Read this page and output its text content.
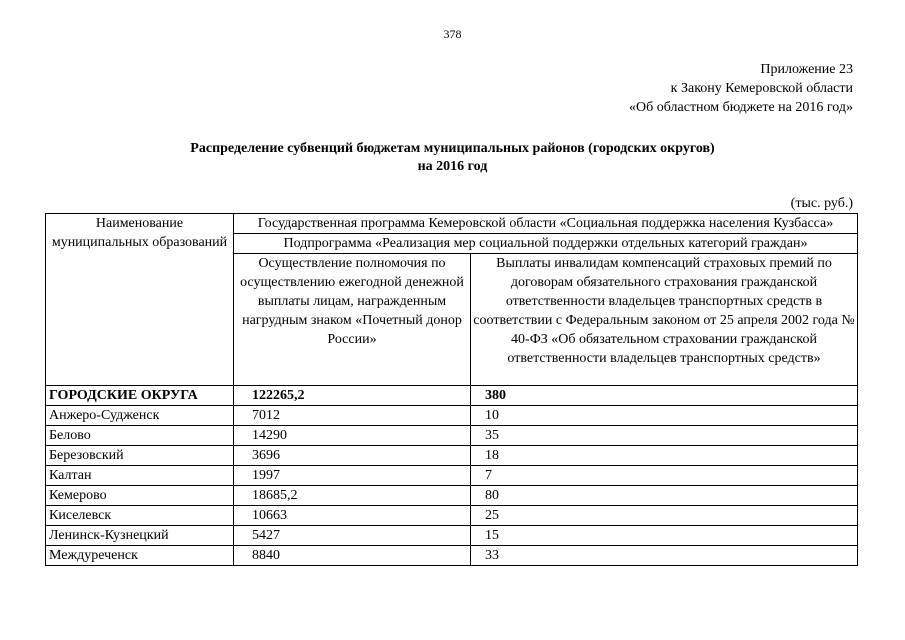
378
Приложение 23
к Закону Кемеровской области
«Об областном бюджете на 2016 год»
Распределение субвенций бюджетам муниципальных районов (городских округов)
на 2016 год
(тыс. руб.)
Наименование муниципальных образований	Государственная программа Кемеровской области «Социальная поддержка населения Кузбасса»	
	Подпрограмма «Реализация мер социальной поддержки отдельных категорий граждан»	
	Осуществление полномочия по осуществлению ежегодной денежной выплаты лицам, награжденным нагрудным знаком «Почетный донор России»	Выплаты инвалидам компенсаций страховых премий по договорам обязательного страхования гражданской ответственности владельцев транспортных средств в соответствии с Федеральным законом от 25 апреля 2002 года № 40-ФЗ «Об обязательном страховании гражданской ответственности владельцев транспортных средств»
ГОРОДСКИЕ ОКРУГА	122265,2	380
Анжеро-Судженск	7012	10
Белово	14290	35
Березовский	3696	18
Калтан	1997	7
Кемерово	18685,2	80
Киселевск	10663	25
Ленинск-Кузнецкий	5427	15
Междуреченск	8840	33
